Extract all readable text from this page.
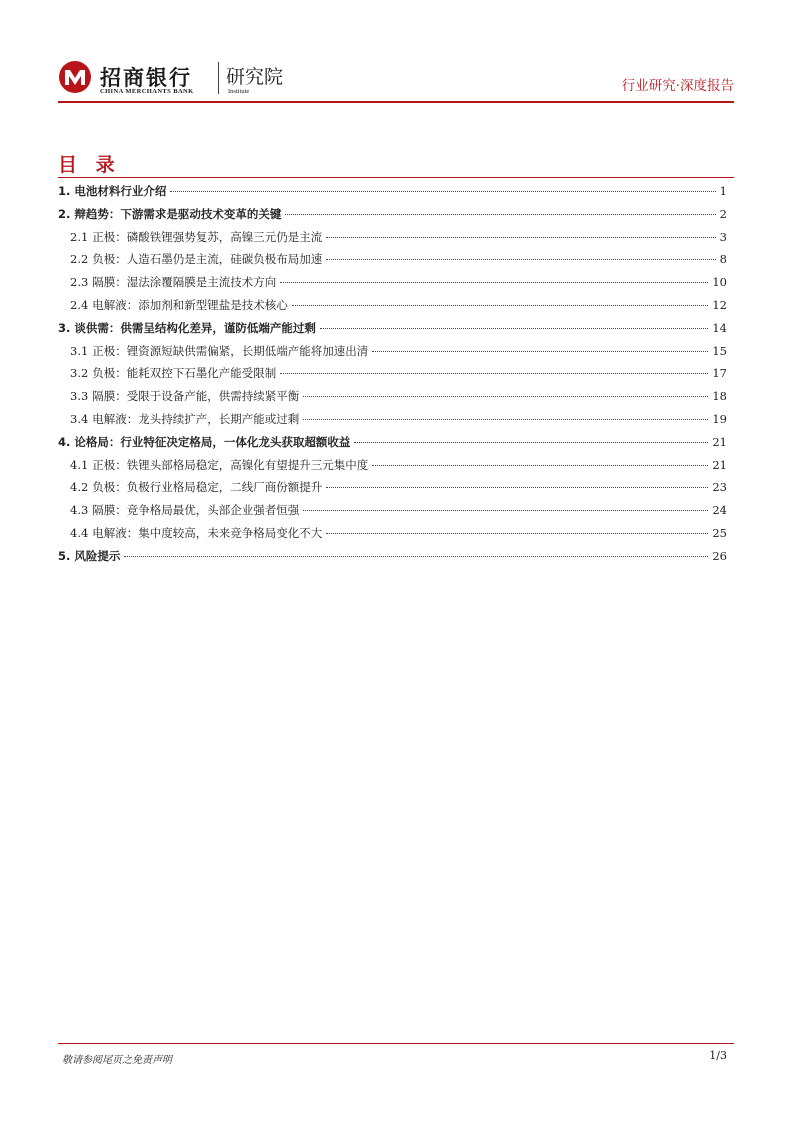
招商银行
CHINA MERCHANTS BANK
研究院
Institute	行业研究·深度报告
目 录
1. 电池材料行业介绍	1
2. 辩趋势：下游需求是驱动技术变革的关键	2
2.1 正极：磷酸铁锂强势复苏，高镍三元仍是主流	3
2.2 负极：人造石墨仍是主流，硅碳负极布局加速	8
2.3 隔膜：湿法涂覆隔膜是主流技术方向	10
2.4 电解液：添加剂和新型锂盐是技术核心	12
3. 谈供需：供需呈结构化差异，谨防低端产能过剩	14
3.1 正极：锂资源短缺供需偏紧，长期低端产能将加速出清	15
3.2 负极：能耗双控下石墨化产能受限制	17
3.3 隔膜：受限于设备产能，供需持续紧平衡	18
3.4 电解液：龙头持续扩产，长期产能或过剩	19
4. 论格局：行业特征决定格局，一体化龙头获取超额收益	21
4.1 正极：铁锂头部格局稳定，高镍化有望提升三元集中度	21
4.2 负极：负极行业格局稳定，二线厂商份额提升	23
4.3 隔膜：竞争格局最优，头部企业强者恒强	24
4.4 电解液：集中度较高，未来竞争格局变化不大	25
5. 风险提示	26
敬请参阅尾页之免责声明	1/3
